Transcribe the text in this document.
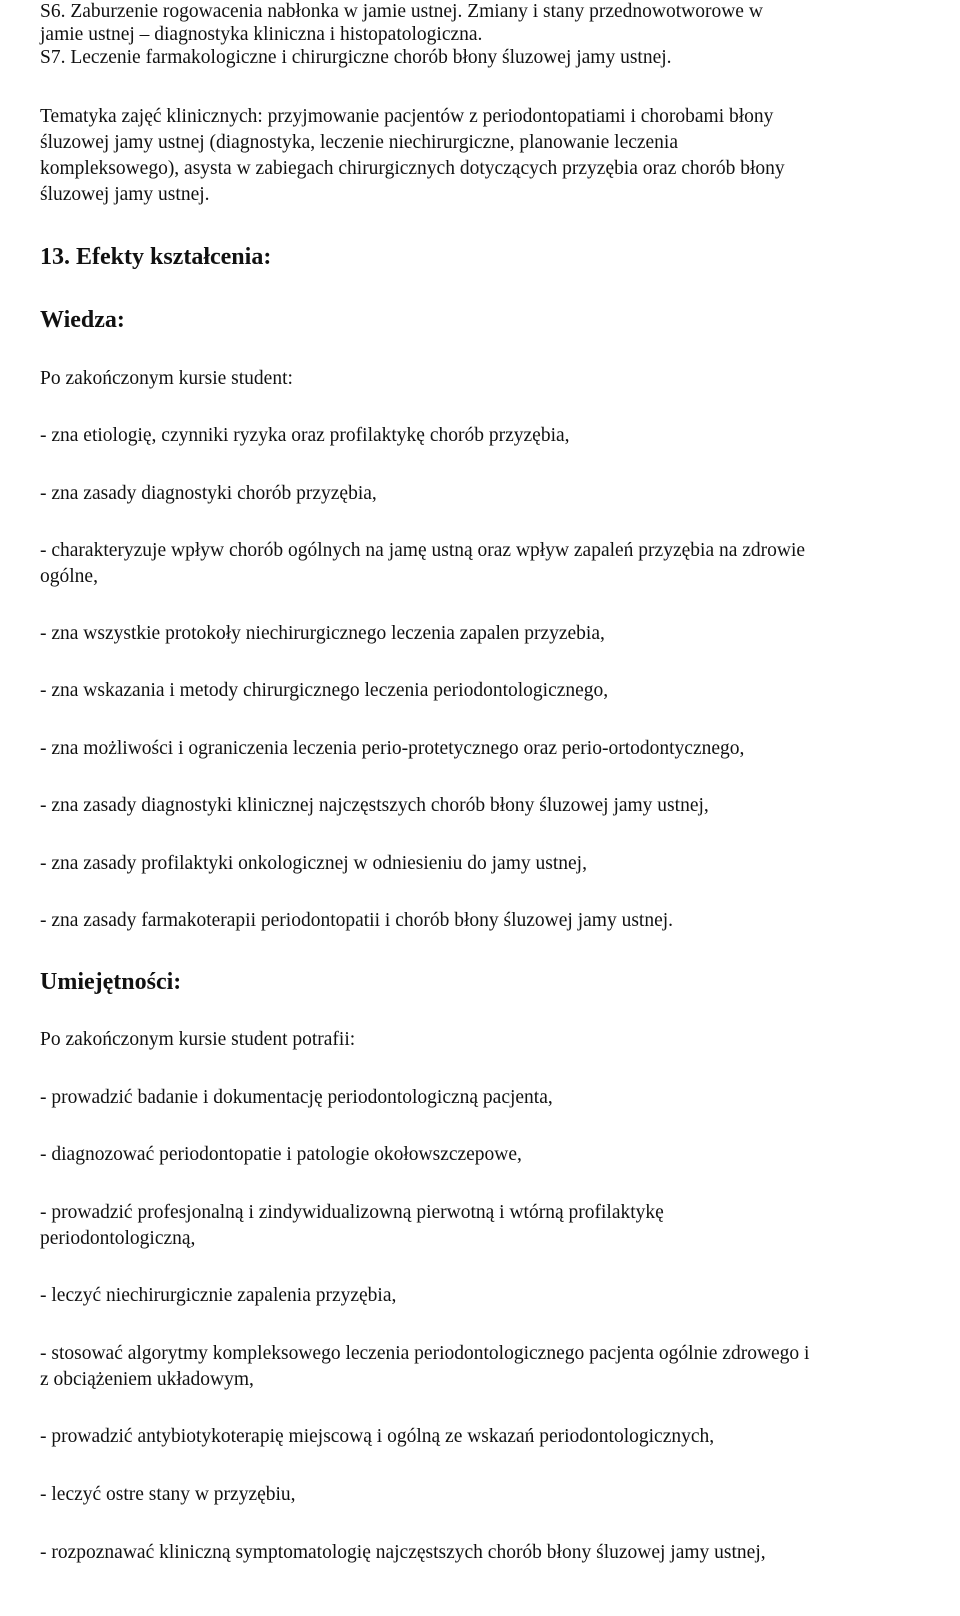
S6. Zaburzenie rogowacenia nabłonka w jamie ustnej. Zmiany i stany przednowotworowe w

jamie ustnej – diagnostyka kliniczna i histopatologiczna.

S7. Leczenie farmakologiczne i chirurgiczne chorób błony śluzowej jamy ustnej.

Tematyka zajęć klinicznych: przyjmowanie pacjentów z periodontopatiami i chorobami błony

śluzowej jamy ustnej (diagnostyka, leczenie niechirurgiczne, planowanie leczenia

kompleksowego), asysta w zabiegach chirurgicznych dotyczących przyzębia oraz chorób błony

śluzowej jamy ustnej.

13. Efekty kształcenia:

Wiedza:

Po zakończonym kursie student:

- zna etiologię, czynniki ryzyka oraz profilaktykę chorób przyzębia,

- zna zasady diagnostyki chorób przyzębia,

- charakteryzuje wpływ chorób ogólnych na jamę ustną oraz wpływ zapaleń przyzębia na zdrowie

ogólne,

- zna wszystkie protokoły niechirurgicznego leczenia zapalen przyzebia,

- zna wskazania i metody chirurgicznego leczenia periodontologicznego,

- zna możliwości i ograniczenia leczenia perio-protetycznego oraz perio-ortodontycznego,

- zna zasady diagnostyki klinicznej najczęstszych chorób błony śluzowej jamy ustnej,

- zna zasady profilaktyki onkologicznej w odniesieniu do jamy ustnej,

- zna zasady farmakoterapii periodontopatii i chorób błony śluzowej jamy ustnej.

Umiejętności:

Po zakończonym kursie student potrafii:

- prowadzić badanie i dokumentację periodontologiczną pacjenta,

- diagnozować periodontopatie i patologie okołowszczepowe,

- prowadzić profesjonalną i zindywidualizowną pierwotną i wtórną profilaktykę

periodontologiczną,

- leczyć niechirurgicznie zapalenia przyzębia,

- stosować algorytmy kompleksowego leczenia periodontologicznego pacjenta ogólnie zdrowego i

z obciążeniem układowym,

- prowadzić antybiotykoterapię miejscową i ogólną ze wskazań periodontologicznych,

- leczyć ostre stany w przyzębiu,

- rozpoznawać kliniczną symptomatologię najczęstszych chorób błony śluzowej jamy ustnej,
